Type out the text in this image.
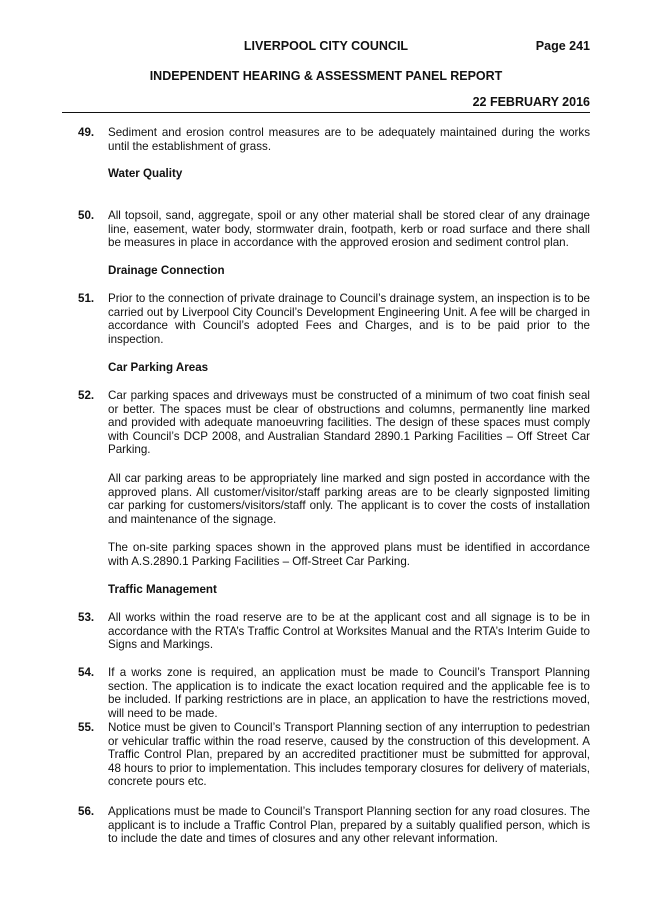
LIVERPOOL CITY COUNCIL	Page 241
INDEPENDENT HEARING & ASSESSMENT PANEL REPORT
22 FEBRUARY 2016
49. Sediment and erosion control measures are to be adequately maintained during the works until the establishment of grass.
Water Quality
50. All topsoil, sand, aggregate, spoil or any other material shall be stored clear of any drainage line, easement, water body, stormwater drain, footpath, kerb or road surface and there shall be measures in place in accordance with the approved erosion and sediment control plan.
Drainage Connection
51. Prior to the connection of private drainage to Council’s drainage system, an inspection is to be carried out by Liverpool City Council’s Development Engineering Unit. A fee will be charged in accordance with Council’s adopted Fees and Charges, and is to be paid prior to the inspection.
Car Parking Areas
52. Car parking spaces and driveways must be constructed of a minimum of two coat finish seal or better. The spaces must be clear of obstructions and columns, permanently line marked and provided with adequate manoeuvring facilities. The design of these spaces must comply with Council’s DCP 2008, and Australian Standard 2890.1 Parking Facilities – Off Street Car Parking.
All car parking areas to be appropriately line marked and sign posted in accordance with the approved plans. All customer/visitor/staff parking areas are to be clearly signposted limiting car parking for customers/visitors/staff only. The applicant is to cover the costs of installation and maintenance of the signage.
The on-site parking spaces shown in the approved plans must be identified in accordance with A.S.2890.1 Parking Facilities – Off-Street Car Parking.
Traffic Management
53. All works within the road reserve are to be at the applicant cost and all signage is to be in accordance with the RTA’s Traffic Control at Worksites Manual and the RTA’s Interim Guide to Signs and Markings.
54. If a works zone is required, an application must be made to Council’s Transport Planning section. The application is to indicate the exact location required and the applicable fee is to be included. If parking restrictions are in place, an application to have the restrictions moved, will need to be made.
55. Notice must be given to Council’s Transport Planning section of any interruption to pedestrian or vehicular traffic within the road reserve, caused by the construction of this development. A Traffic Control Plan, prepared by an accredited practitioner must be submitted for approval, 48 hours to prior to implementation. This includes temporary closures for delivery of materials, concrete pours etc.
56. Applications must be made to Council’s Transport Planning section for any road closures. The applicant is to include a Traffic Control Plan, prepared by a suitably qualified person, which is to include the date and times of closures and any other relevant information.
